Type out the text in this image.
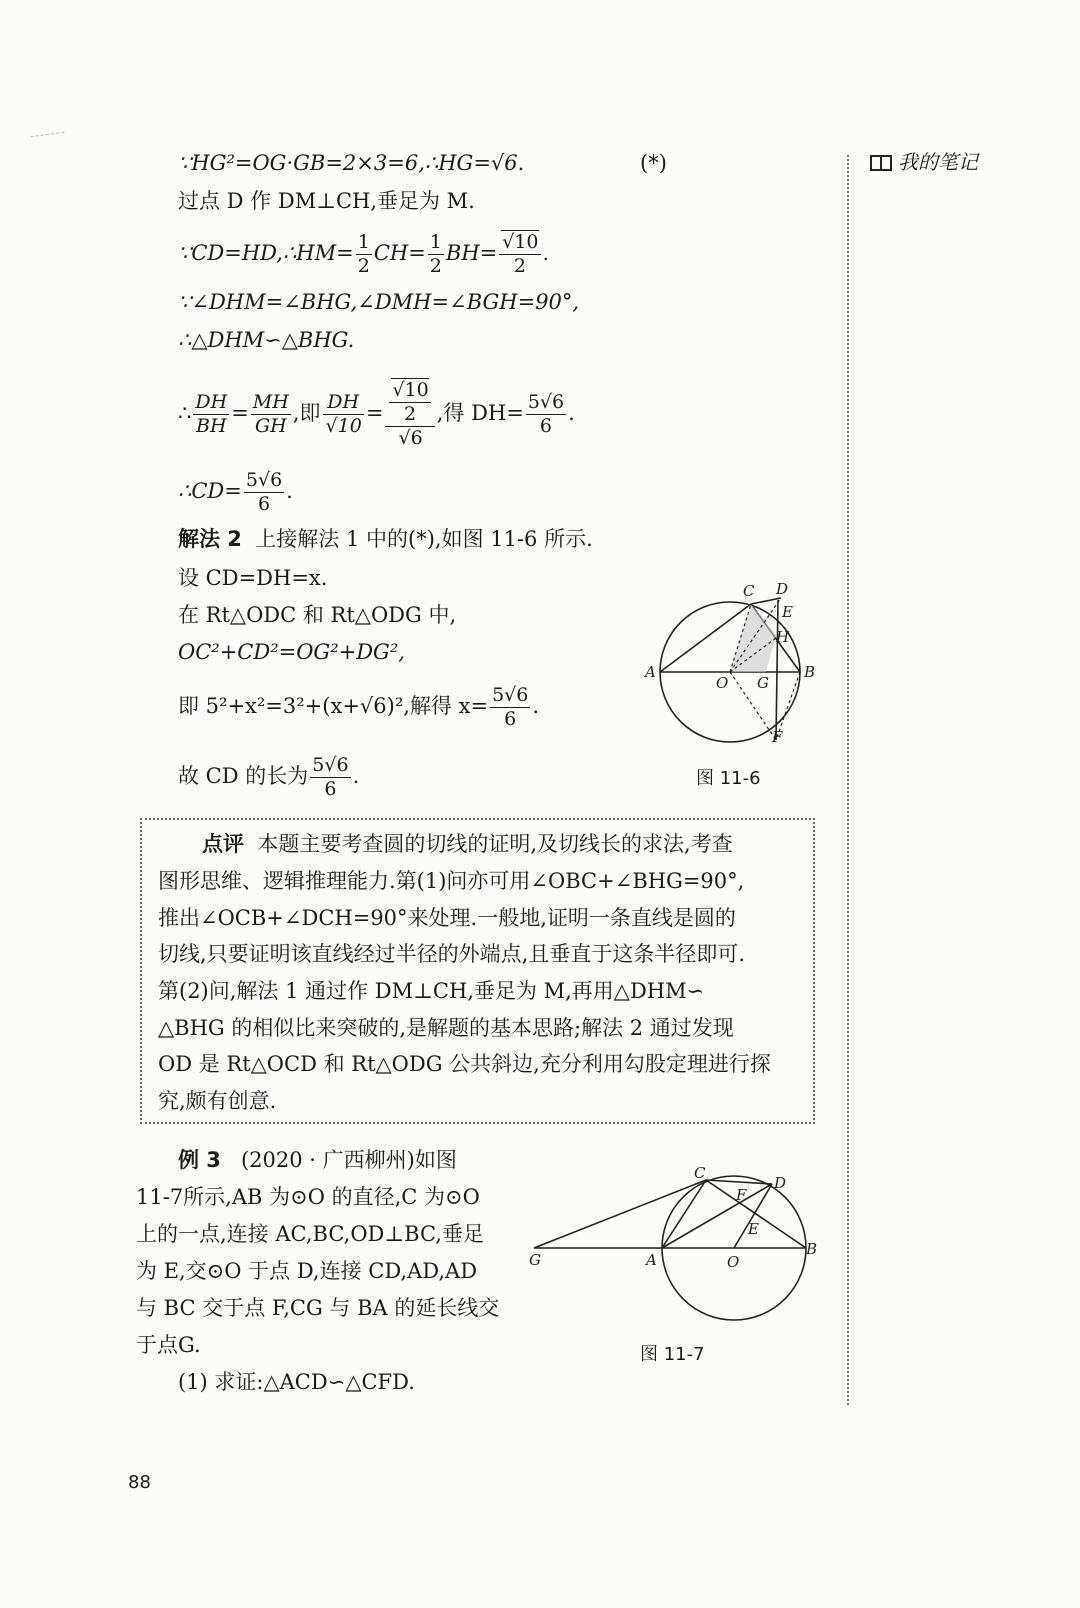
我的笔记
∵HG²=OG·GB=2×3=6,∴HG=√6.	(*)
过点 D 作 DM⊥CH,垂足为 M.
∵CD=HD,∴HM= $\frac{1}{2} CH= \frac{1}{2} BH= \frac{√10}{2}$ .
∵∠DHM=∠BHG,∠DMH=∠BGH=90°,
∴△DHM∽△BHG.
∴ $\frac{DH}{BH} = \frac{MH}{GH}$ ,即 $\frac{DH}{√10} = \frac{\frac{√10}{2}}{√6}$ ,得 $DH= \frac{5√6}{6}$ .
∴CD= $\frac{5√6}{6}$ .
解法 2 上接解法 1 中的(*),如图 11-6 所示.
设 CD=DH=x.
在 Rt△ODC 和 Rt△ODG 中,
OC²+CD²=OG²+DG²,
即 5²+x²=3²+(x+√6)²,解得 $x= \frac{5√6}{6}$ .
故 CD 的长为 $\frac{5√6}{6}$ .
C D
E
H
A
O G
B
F
图 11-6
点评 本题主要考查圆的切线的证明,及切线长的求法,考查
图形思维、逻辑推理能力.第(1)问亦可用∠OBC+∠BHG=90°,
推出∠OCB+∠DCH=90°来处理.一般地,证明一条直线是圆的
切线,只要证明该直线经过半径的外端点,且垂直于这条半径即可.
第(2)问,解法 1 通过作 DM⊥CH,垂足为 M,再用△DHM∽
△BHG 的相似比来突破的,是解题的基本思路;解法 2 通过发现
OD 是 Rt△OCD 和 Rt△ODG 公共斜边,充分利用勾股定理进行探
究,颇有创意.
例 3 (2020 · 广西柳州)如图
11-7所示,AB 为⊙O 的直径,C 为⊙O
上的一点,连接 AC,BC,OD⊥BC,垂足
为 E,交⊙O 于点 D,连接 CD,AD,AD
与 BC 交于点 F,CG 与 BA 的延长线交
于点G.
(1) 求证:△ACD∽△CFD.
C
D
F
E
G	A	O
B
图 11-7
88
